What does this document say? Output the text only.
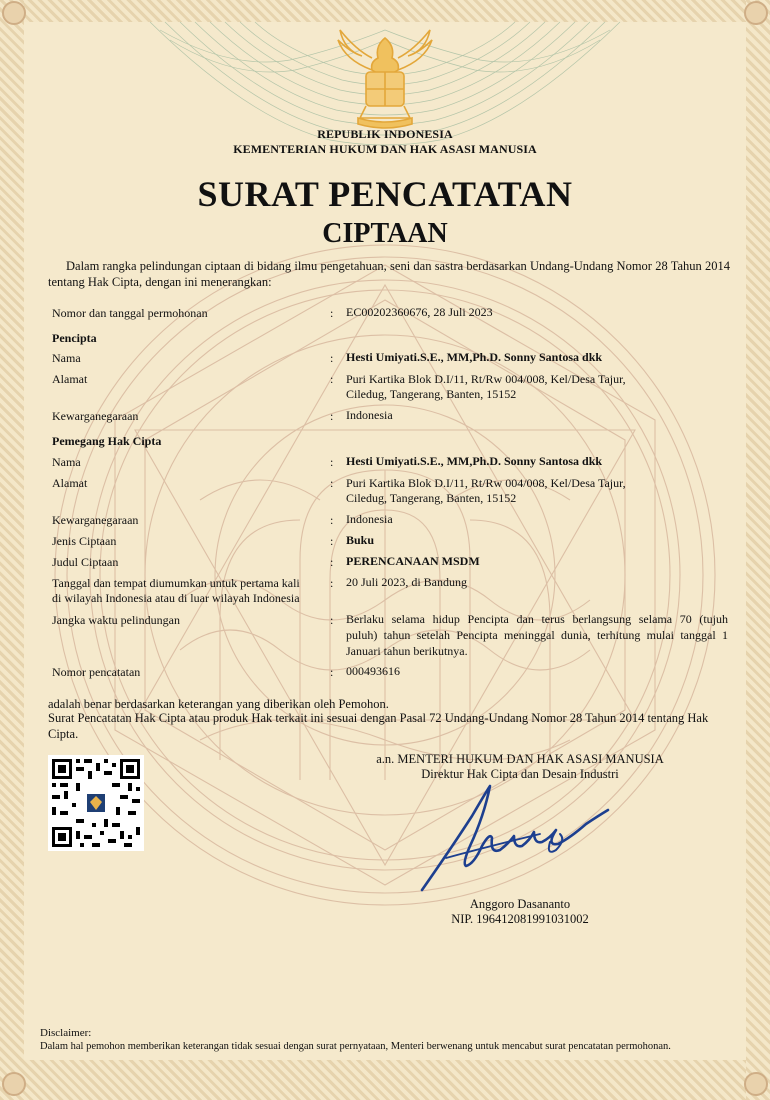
REPUBLIK INDONESIA
KEMENTERIAN HUKUM DAN HAK ASASI MANUSIA
SURAT PENCATATAN
CIPTAAN
Dalam rangka pelindungan ciptaan di bidang ilmu pengetahuan, seni dan sastra berdasarkan Undang-Undang Nomor 28 Tahun 2014 tentang Hak Cipta, dengan ini menerangkan:
Nomor dan tanggal permohonan	: EC00202360676, 28 Juli 2023
Pencipta
Nama	: Hesti Umiyati.S.E., MM,Ph.D. Sonny Santosa dkk
Alamat	: Puri Kartika Blok D.I/11, Rt/Rw 004/008, Kel/Desa Tajur,
Ciledug, Tangerang, Banten, 15152
Kewarganegaraan	: Indonesia
Pemegang Hak Cipta
Nama	: Hesti Umiyati.S.E., MM,Ph.D. Sonny Santosa dkk
Alamat	: Puri Kartika Blok D.I/11, Rt/Rw 004/008, Kel/Desa Tajur,
Ciledug, Tangerang, Banten, 15152
Kewarganegaraan	: Indonesia
Jenis Ciptaan	: Buku
Judul Ciptaan	: PERENCANAAN MSDM
Tanggal dan tempat diumumkan untuk pertama kali
di wilayah Indonesia atau di luar wilayah Indonesia
: 20 Juli 2023, di Bandung
Jangka waktu pelindungan	: Berlaku selama hidup Pencipta dan terus berlangsung selama 70 (tujuh
puluh) tahun setelah Pencipta meninggal dunia, terhitung mulai tanggal 1
Januari tahun berikutnya.
Nomor pencatatan	: 000493616
adalah benar berdasarkan keterangan yang diberikan oleh Pemohon.
Surat Pencatatan Hak Cipta atau produk Hak terkait ini sesuai dengan Pasal 72 Undang-Undang Nomor 28 Tahun 2014 tentang Hak Cipta.
a.n. MENTERI HUKUM DAN HAK ASASI MANUSIA
Direktur Hak Cipta dan Desain Industri
Anggoro Dasananto
NIP. 196412081991031002
Disclaimer:
Dalam hal pemohon memberikan keterangan tidak sesuai dengan surat pernyataan, Menteri berwenang untuk mencabut surat pencatatan permohonan.
